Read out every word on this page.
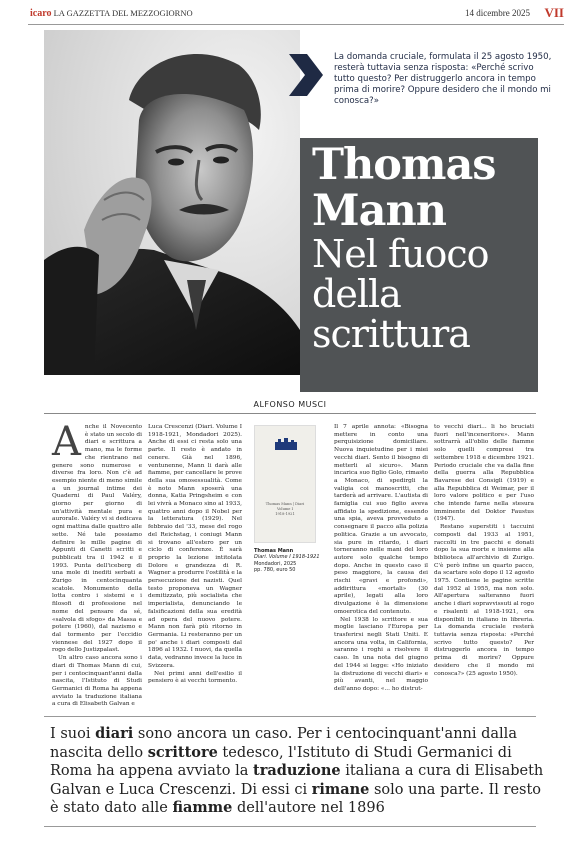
icaro LA GAZZETTA DEL MEZZOGIORNO	14 dicembre 2025 VII
La domanda cruciale, formulata il 25 agosto 1950, resterà tuttavia senza risposta: «Perché scrivo tutto questo? Per distruggerlo ancora in tempo prima di morire? Oppure desidero che il mondo mi conosca?»
Thomas
Mann
Nel fuoco
della
scrittura
ALFONSO MUSCI

Anche il Novecento è stato un secolo di diari e scrittura a mano, ma le forme che rientrano nel genere sono numerose e diverse fra loro. Non c'è ad esempio niente di meno simile a un journal intime dei Quaderni di Paul Valéry, giorno per giorno di un'attività mentale pura e auroraIe. Valéry vi si dedicava ogni mattina dalle quattro alle sette. Né tale possiamo definire le mille pagine di Appunti di Canetti scritti e pubblicati tra il 1942 e il 1993. Punta dell'iceberg di una mole di inediti serbati a Zurigo in centocinquanta scatole. Monumento della lotta contro i sistemi e i filosofi di professione nel nome del pensare da sé, «salvola di sfogo» da Massa e potere (1960), dal nazismo e dal tormento per l'eccidio viennese del 1927 dopo il rogo dello Justizpalast.

Un altro caso ancora sono i diari di Thomas Mann di cui, per i centocinquant'anni dalla nascita, l'Istituto di Studi Germanici di Roma ha appena avviato la traduzione italiana a cura di Elisabeth Galvan e

Luca Crescenzi (Diari. Volume I 1918-1921, Mondadori 2025). Anche di essi ci resta solo una parte. Il resto è andato in cenere. Già nel 1896, ventunenne, Mann li darà alle fiamme, per cancellare le prove della sua omosessualità. Come è noto Mann sposerà una donna, Katia Pringsheim e con lei vivrà a Monaco sino al 1933, quattro anni dopo il Nobel per la letteratura (1929). Nel febbraio del '33, mese del rogo del Reichstag, i coniugi Mann si trovano all'estero per un ciclo di conferenze. È sarà proprio la lezione intitolata Dolore e grandezza di R. Wagner a produrre l'ostilità e la persecuzione dei nazisti. Quel testo proponeva un Wagner demitizzato, più socialista che imperialista, denunciando le falsificazioni della sua eredità ad opera del nuovo potere. Mann non farà più ritorno in Germania. Li resteranno per un po' anche i diari composti dal 1896 al 1932. I nuovi, da quella data, vedranno invece la luce in Svizzera.

Nei primi anni dell'esilio il pensiero è ai vecchi tormento.

Thomas Mann | Diari
Volume I
1918-1921
Thomas Mann
Diari. Volume I 1918-1921
Mondadori, 2025
pp. 780, euro 50

Il 7 aprile annota: «Bisogna mettere in conto una perquisizione domiciliare. Nuova inquietudine per i miei vecchi diari. Sento il bisogno di metterli al sicuro». Mann incarica suo figlio Golo, rimasto a Monaco, di spedirgli la valigia coi manoscritti, che tarderà ad arrivare. L'autista di famiglia cui suo figlio aveva affidato la spedizione, essendo una spia, aveva provveduto a consegnare il pacco alla polizia politica. Grazie a un avvocato, sia pure in ritardo, i diari torneranno nelle mani del loro autore solo qualche tempo dopo. Anche in questo caso il peso maggiore, la causa dei rischi «gravi e profondi», addirittura «mortali» (30 aprile), legati alla loro divulgazione è la dimensione omoerotica del contenuto.

Nel 1938 lo scrittore e sua moglie lasciano l'Europa per trasferirsi negli Stati Uniti. E ancora una volta, in California, saranno i roghi a risolvere il caso. In una nota del giugno del 1944 si legge: «Ho iniziato la distruzione di vecchi diari» e più avanti, nel maggio dell'anno dopo: «... ho distrut-

to vecchi diari... li ho bruciati fuori nell'inceneritore». Mann sottrarrà all'oblio delle fiamme solo quelli compresi tra settembre 1918 e dicembre 1921. Periodo cruciale che va dalla fine della guerra alla Repubblica Bavarese dei Consigli (1919) e alla Repubblica di Weimar, per il loro valore politico e per l'uso che intende farne nella stesura imminente del Doktor Faustus (1947).

Restano superstiti i taccuini composti dal 1933 al 1951, raccolti in tre pacchi e donati dopo la sua morte e insieme alla biblioteca all'archivio di Zurigo. C'è però infine un quarto pacco, da scartare solo dopo il 12 agosto 1975. Contiene le pagine scritte dal 1952 al 1955, ma non solo. All'apertura salteranno fuori anche i diari sopravvissuti al rogo e risalenti al 1918-1921, ora disponibili in italiano in libreria. La domanda cruciale resterà tuttavia senza risposta: «Perché scrivo tutto questo? Per distruggerlo ancora in tempo prima di morire? Oppure desidero che il mondo mi conosca?» (25 agosto 1950).

I suoi diari sono ancora un caso. Per i centocinquant'anni dalla nascita dello scrittore tedesco, l'Istituto di Studi Germanici di Roma ha appena avviato la traduzione italiana a cura di Elisabeth Galvan e Luca Crescenzi. Di essi ci rimane solo una parte. Il resto è stato dato alle fiamme dell'autore nel 1896
